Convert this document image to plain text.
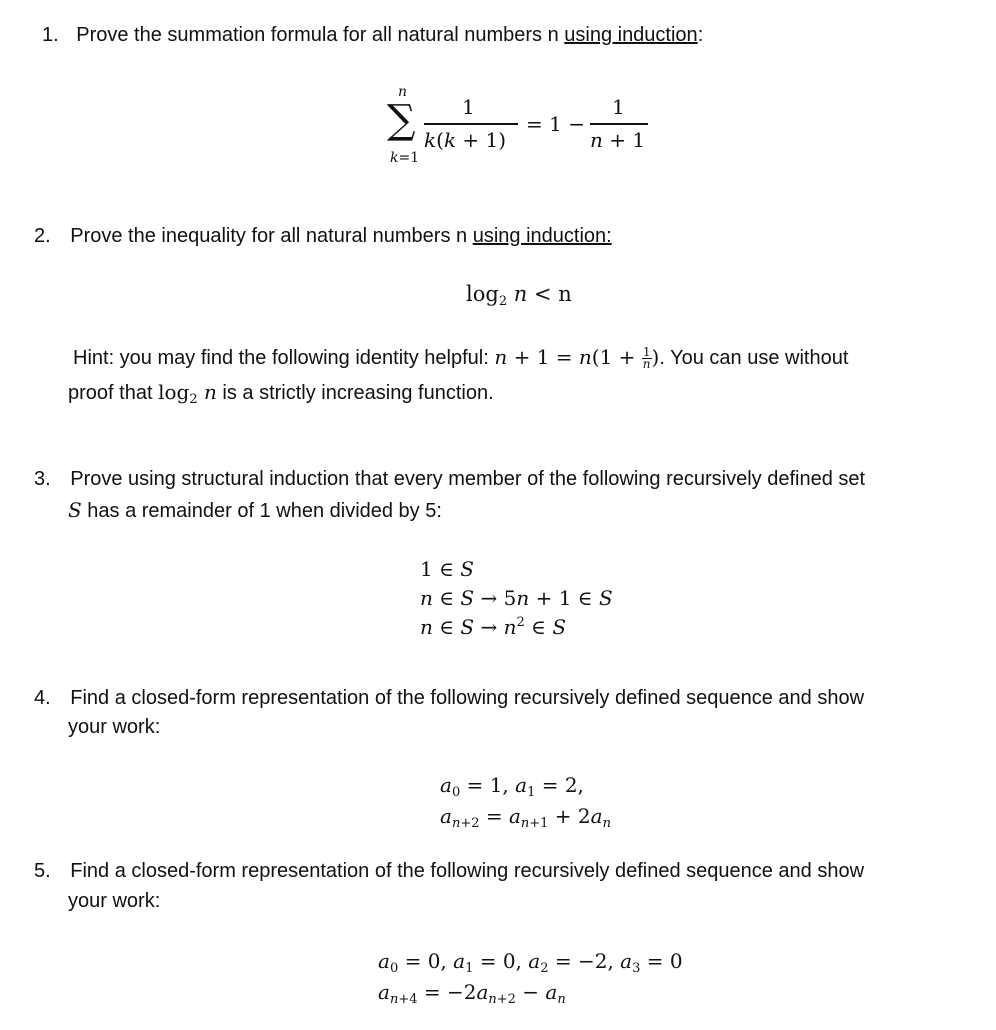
1. Prove the summation formula for all natural numbers n using induction:
n
∑
k=1
1
k(k + 1)
= 1 −
1
n + 1
2. Prove the inequality for all natural numbers n using induction:
$\log_2 n < n$
Hint: you may find the following identity helpful: n + 1 = n(1 + 1
n). You can use without
proof that $\log_2 n$ is a strictly increasing function.
3. Prove using structural induction that every member of the following recursively defined set
S has a remainder of 1 when divided by 5:
1 ∈ S
n ∈ S → 5n + 1 ∈ S
n ∈ $S \to n^2$ ∈ S
4. Find a closed-form representation of the following recursively defined sequence and show
your work:
$a_0 = 1$, $a_1 = 2$,
$a_{n+2} = a_{n+1} + 2a_n$
5. Find a closed-form representation of the following recursively defined sequence and show
your work:
$a_0 = 0$, $a_1 = 0$, $a_2 = -2$, $a_3 = 0$
$a_{n+4} = -2a_{n+2} - a_n$
